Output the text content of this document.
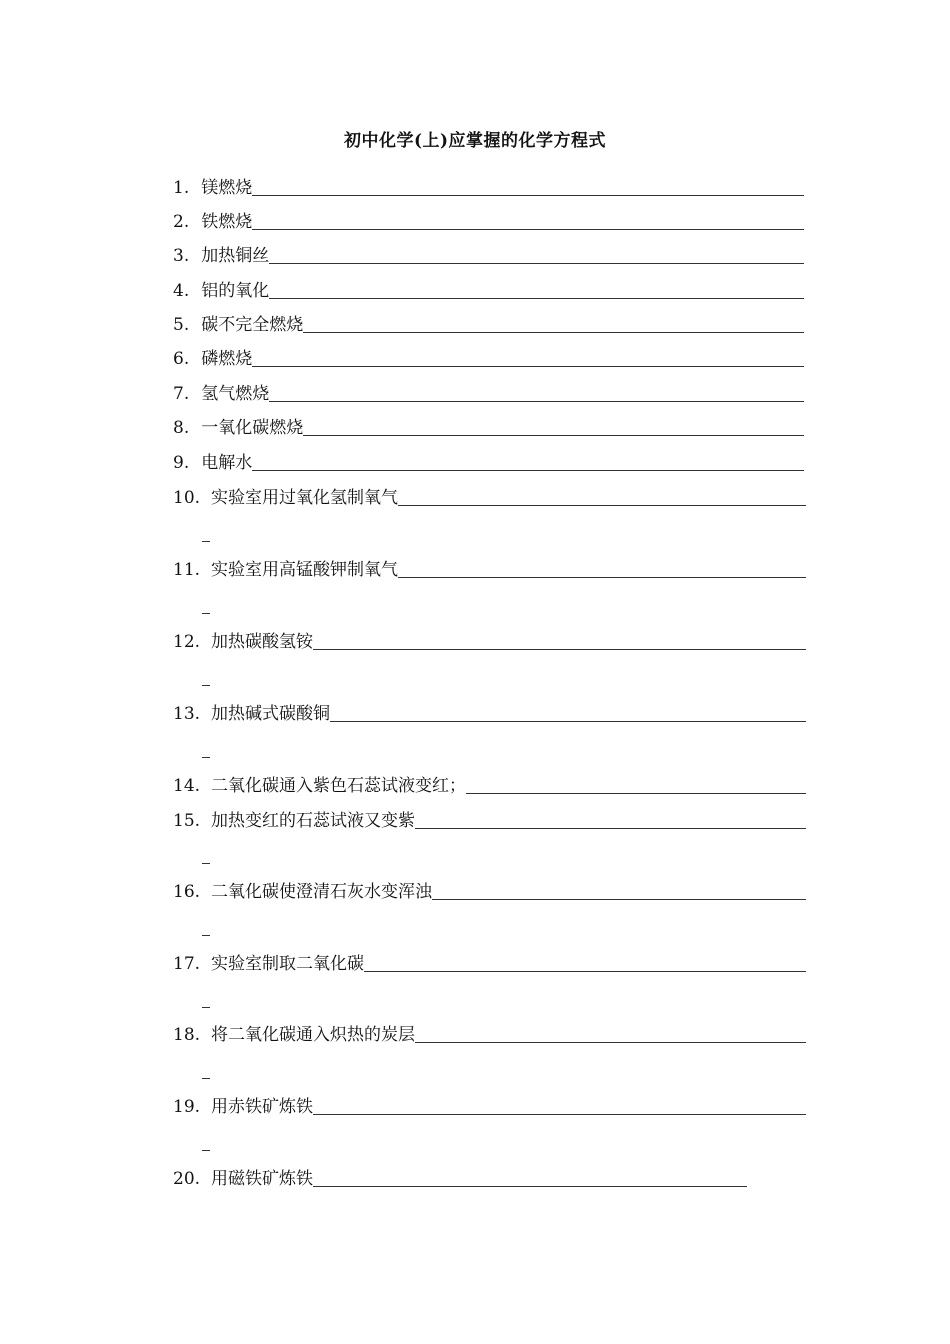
初中化学(上)应掌握的化学方程式
1. 镁燃烧
2. 铁燃烧
3. 加热铜丝
4. 铝的氧化
5. 碳不完全燃烧
6. 磷燃烧
7. 氢气燃烧
8. 一氧化碳燃烧
9. 电解水
10. 实验室用过氧化氢制氧气
11. 实验室用高锰酸钾制氧气
12. 加热碳酸氢铵
13. 加热碱式碳酸铜
14. 二氧化碳通入紫色石蕊试液变红；
15. 加热变红的石蕊试液又变紫
16. 二氧化碳使澄清石灰水变浑浊
17. 实验室制取二氧化碳
18. 将二氧化碳通入炽热的炭层
19. 用赤铁矿炼铁
20. 用磁铁矿炼铁
